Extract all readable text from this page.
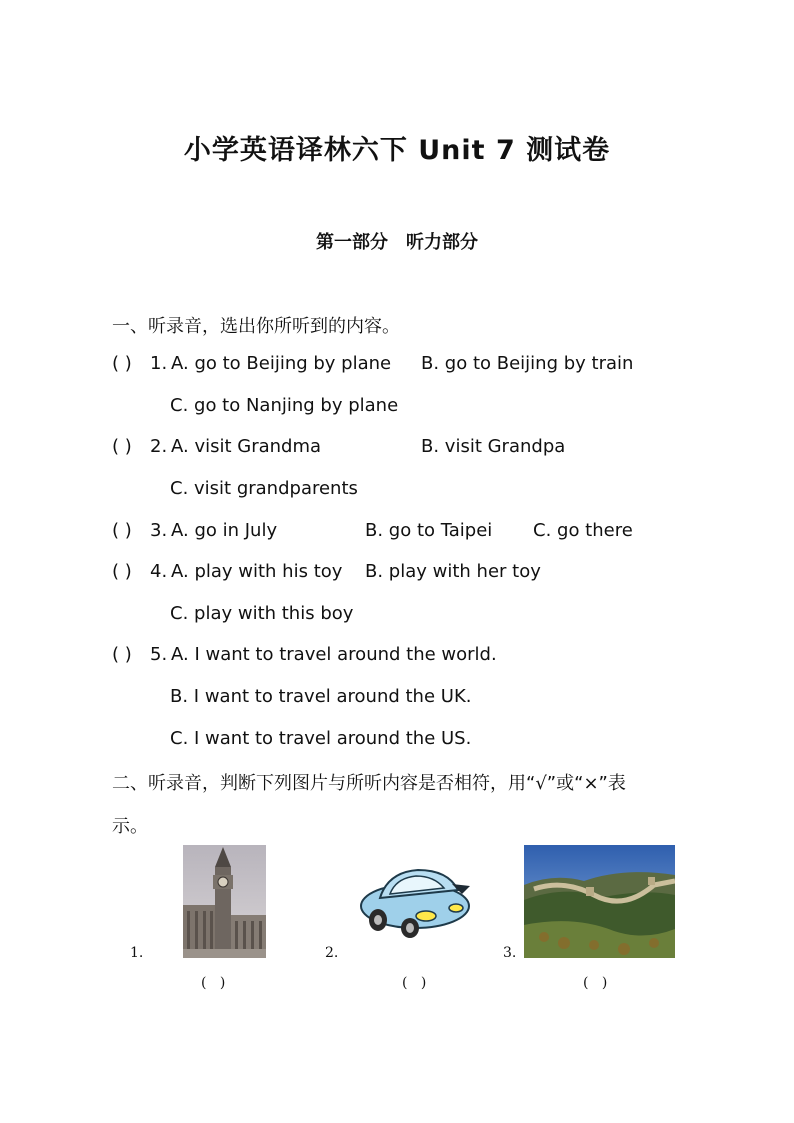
小学英语译林六下 Unit 7 测试卷
第一部分　听力部分
一、听录音，选出你所听到的内容。
( ) 1. A. go to Beijing by plane B. go to Beijing by train
C. go to Nanjing by plane
( ) 2. A. visit Grandma	B. visit Grandpa
C. visit grandparents
( ) 3. A. go in July	B. go to Taipei C. go there
( ) 4. A. play with his toy B. play with her toy
C. play with this boy
( ) 5. A. I want to travel around the world.
B. I want to travel around the UK.
C. I want to travel around the US.
二、听录音，判断下列图片与所听内容是否相符，用“√”或“×”表
示。
1.
(   )
2.
(   )
3.
(   )
